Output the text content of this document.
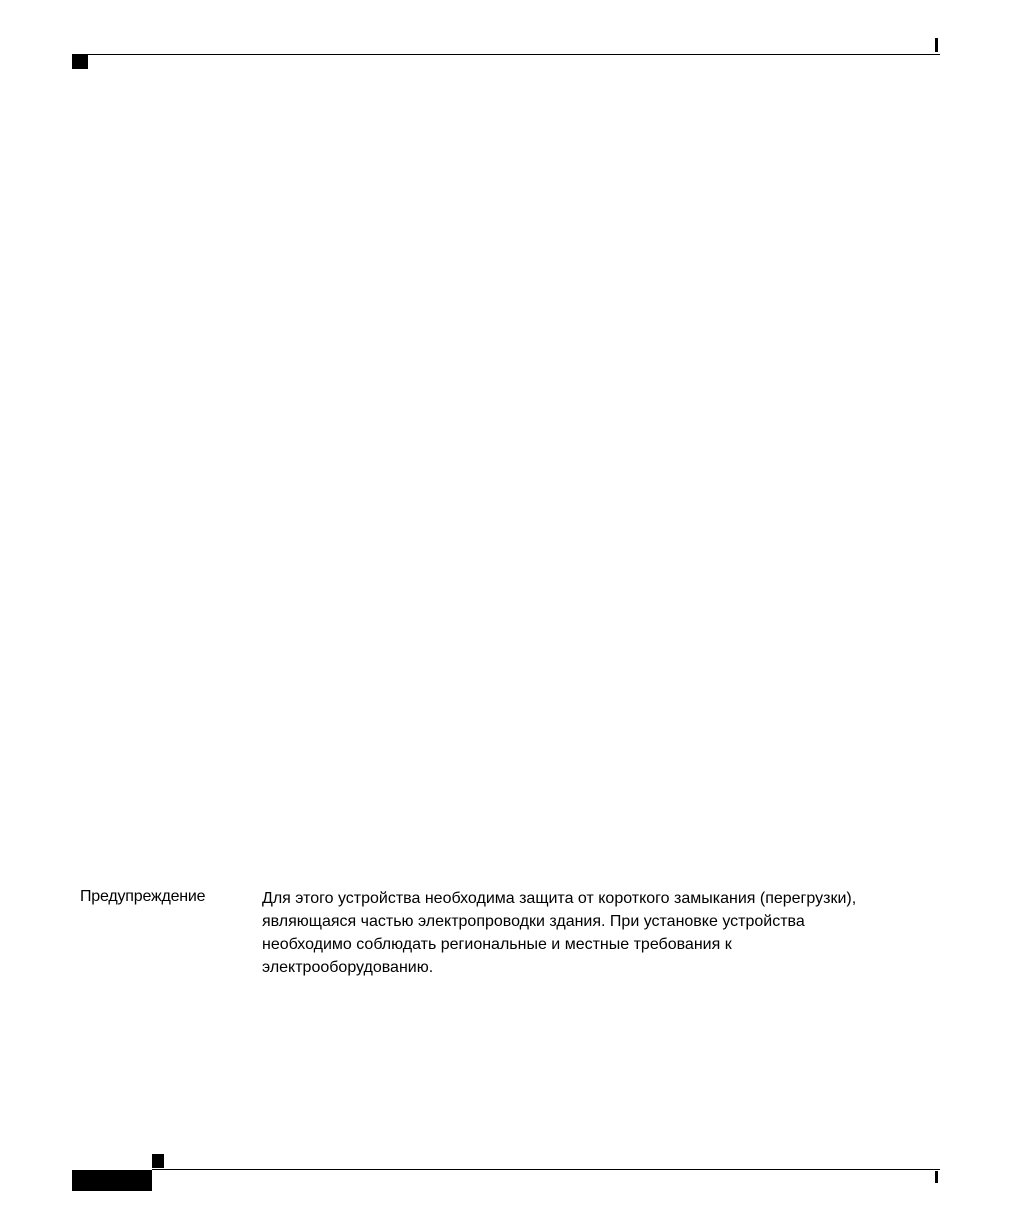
Предупреждение	Для этого устройства необходима защита от короткого замыкания (перегрузки),
являющаяся частью электропроводки здания. При установке устройства
необходимо соблюдать региональные и местные требования к
электрооборудованию.
